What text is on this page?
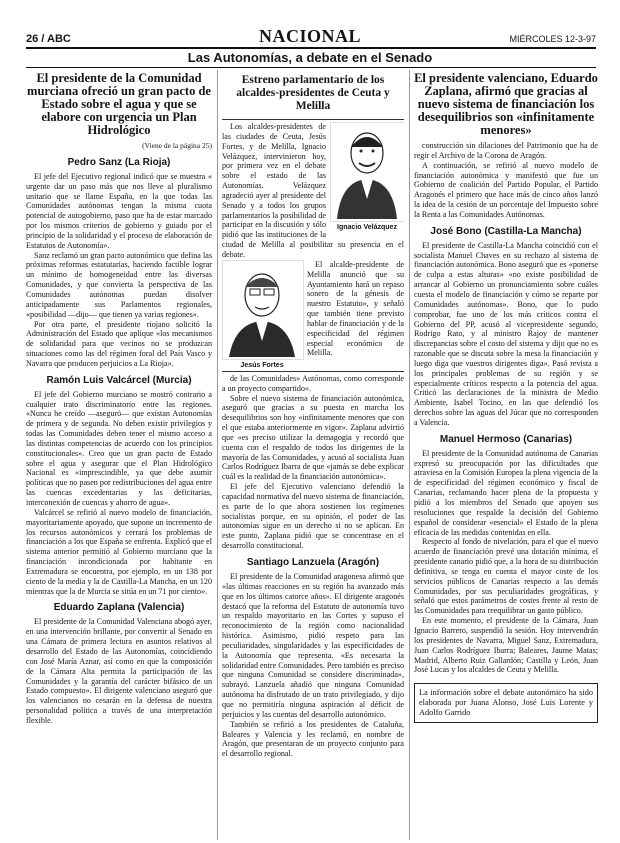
26 / ABC	NACIONAL	MIÉRCOLES 12-3-97
Las Autonomías, a debate en el Senado
El presidente de la Comunidad murciana ofreció un gran pacto de Estado sobre el agua y que se elabore con urgencia un Plan Hidrológico
(Viene de la página 25)
Pedro Sanz (La Rioja)

El jefe del Ejecutivo regional indicó que se muestra « urgente dar un paso más que nos lleve al pluralismo unitario que se llame España, en la que todas las Comunidades autónomas tengan la misma cuota potencial de autogobierno, paso que ha de estar marcado por los mismos criterios de gobierno y guiado por el principio de la solidaridad y el proceso de elaboración de Estatutos de Autonomía».

Sanz reclamó un gran pacto autonómico que defina las próximas reformas estatutarias, haciendo factible lograr un mínimo de homogeneidad entre las diversas Comunidades, y que convierta la perspectiva de las Comunidades autónomas puedan disolver anticipadamente sus Parlamentos regionales, «posibilidad —dijo— que tienen ya varias regiones».

Por otra parte, el presidente riojano solicitó la Administración del Estado que aplique «los mecanismos de solidaridad para que vecinos no se produzcan situaciones como las del régimen foral del País Vasco y Navarra que producen perjuicios a La Rioja».

Ramón Luis Valcárcel (Murcia)

El jefe del Gobierno murciano se mostró contrario a cualquier trato discriminatorio entre las regiones. «Nunca he creído —aseguró— que existan Autonomías de primera y de segunda. No deben existir privilegios y todas las Comunidades deben tener el mismo acceso a las distintas competencias de acuerdo con los principios constitucionales». Creo que un gran pacto de Estado sobre el agua y asegurar que el Plan Hidrológico Nacional es «imprescindible, ya que debe asumir políticas que no pasen por redistribuciones del agua entre las cuencas excedentarias y las deficitarias, interconexión de cuencas y ahorro de agua».

Valcárcel se refirió al nuevo modelo de financiación, mayoritariamente apoyado, que supone un incremento de los recursos autonómicos y cerrará los problemas de financiación a los que España se enfrenta. Explicó que el sistema anterior permitió al Gobierno murciano que la financiación incondicionada por habitante en Extremadura se encuentra, por ejemplo, en un 138 por ciento de la media y la de Castilla-La Mancha, en un 120 mientras que la de Murcia se sitúa en un 71 por ciento».

Eduardo Zaplana (Valencia)

El presidente de la Comunidad Valenciana abogó ayer, en una intervención brillante, por convertir al Senado en una Cámara de primera lectura en asuntos relativos al desarrollo del Estado de las Autonomías, coincidiendo con José María Aznar, así como en que la composición de la Cámara Alta permita la participación de las Comunidades y la garantía del carácter bifásico de un Estado compuesto». El dirigente valenciano aseguró que los valencianos no cesarán en la defensa de nuestra personalidad política a través de una interpretación flexible.

Estreno parlamentario de los alcaldes-presidentes de Ceuta y Melilla
Ignacio Velázquez

Los alcaldes-presidentes de las ciudades de Ceuta, Jesús Fortes, y de Melilla, Ignacio Velázquez, intervinieron hoy, por primera vez en el debate sobre el estado de las Autonomías. Velázquez agradeció ayer al presidente del Senado y a todos los grupos parlamentarios la posibilidad de participar en la discusión y sólo pidió que las instituciones de la ciudad de Melilla al posibilitar su presencia en el debate.

Jesús Fortes

El alcalde-presidente de Melilla anunció que su Ayuntamiento hará un repaso sonero de la génesis de nuestro Estatuto», y señaló que también tiene previsto hablar de financiación y de la especificidad del régimen especial económico de Melilla.

de las Comunidades» Autónomas, como corresponde a un proyecto compartido».

Sobre el nuevo sistema de financiación autonómica, aseguró que gracias a su puesta en marcha los desequilibrios son hoy «infinitamente menores que con el que estaba anteriormente en vigor». Zaplana advirtió que «es preciso utilizar la demagogia y recordó que cuenta con el respaldo de todos los dirigentes de la mayoría de las Comunidades, y acusó al socialista Juan Carlos Rodríguez Ibarra de que «jamás se debe explicar cuál es la realidad de la financiación autonómica».

El jefe del Ejecutivo valenciano defendió la capacidad normativa del nuevo sistema de financiación, es parte de lo que ahora sostienen los regímenes socialistas porque, en su opinión, el poder de las autonomías sigue en un derecho si no se aplican. En este punto, Zaplana pidió que se concentrase en el desarrollo constitucional.

Santiago Lanzuela (Aragón)

El presidente de la Comunidad aragonesa afirmó que «las últimas reacciones en su región ha avanzado más que en los últimos catorce años». El dirigente aragonés destacó que la reforma del Estatuto de autonomía tuvo un respaldo mayoritario en las Cortes y supuso el reconocimiento de la región como nacionalidad histórica. Asimismo, pidió respeto para las peculiaridades, singularidades y las especificidades de la Autonomía que representa. «Es necesaria la solidaridad entre Comunidades. Pero también es preciso que ninguna Comunidad se considere discriminada», subrayó. Lanzuela añadió que ninguna Comunidad autónoma ha disfrutado de un trato privilegiado, y dijo que no permitiría ninguna aspiración al déficit de perjuicios y las cuentas del desarrollo autonómico.

También se refirió a los presidentes de Cataluña, Baleares y Valencia y les reclamó, en nombre de Aragón, que presentaran de un proyecto conjunto para el desarrollo regional.

El presidente valenciano, Eduardo Zaplana, afirmó que gracias al nuevo sistema de financiación los desequilibrios son «infinitamente menores»

construcción sin dilaciones del Patrimonio que ha de regir el Archivo de la Corona de Aragón.

A continuación, se refirió al nuevo modelo de financiación autonómica y manifestó que fue un Gobierno de coalición del Partido Popular, el Partido Aragonés el primero que hace más de cinco años lanzó la idea de la cesión de un porcentaje del Impuesto sobre la Renta a las Comunidades Autónomas.

José Bono (Castilla-La Mancha)

El presidente de Castilla-La Mancha coincidió con el socialista Manuel Chaves en su rechazo al sistema de financiación autonómica. Bono aseguró que es «ponerse de culpa a estas alturas» «no existe posibilidad de arrancar al Gobierno un pronunciamiento sobre cuáles cuesta el modelo de financiación y cómo se reparte por Comunidades autónomas». Bono, que lo pudo comprobar, fue uno de los más críticos contra el Gobierno del PP, acusó al vicepresidente segundo, Rodrigo Rato, y al ministro Rajoy de mantener discrepancias sobre el costo del sistema y dijo que no es razonable que se discuta sobre la mesa la financiación y luego diga que vuestros dirigentes diga». Pasó revista a los principales problemas de su región y se especialmente críticos respecto a la potencia del agua. Criticó las declaraciones de la ministra de Medio Ambiente, Isabel Tocino, en las que defendió los derechos sobre las aguas del Júcar que no corresponden a Valencia.

Manuel Hermoso (Canarias)

El presidente de la Comunidad autónoma de Canarias expresó su preocupación por las dificultades que atraviesa en la Comisión Europea la plena vigencia de la de especificidad del régimen económico y fiscal de Canarias, reclamando hacer plena de la propuesta y pidió a los miembros del Senado que apoyen sus resoluciones que respalde la decisión del Gobierno español de considerar «esencial» el Estado de la plena eficacia de las medidas contenidas en ella.

Respecto al fondo de nivelación, para el que el nuevo acuerdo de financiación prevé una dotación mínima, el presidente canario pidió que, a la hora de su distribución definitiva, se tenga en cuenta el mayor coste de los servicios públicos de Canarias respecto a las demás Comunidades, por sus peculiaridades geográficas, y señaló que estos parámetros de costes frente al resto de las Comunidades para reequilibrar un gasto público.

En este momento, el presidente de la Cámara, Juan Ignacio Barrero, suspendió la sesión. Hoy intervendrán los presidentes de Navarra, Miguel Sanz, Extremadura, Juan Carlos Rodríguez Ibarra; Baleares, Jaume Matas; Madrid, Alberto Ruiz Gallardón; Castilla y León, Juan José Lucas y los alcaldes de Ceuta y Melilla.

La información sobre el debate autonómico ha sido elaborada por Juana Alonso, José Luis Lorente y Adolfo Garrido
